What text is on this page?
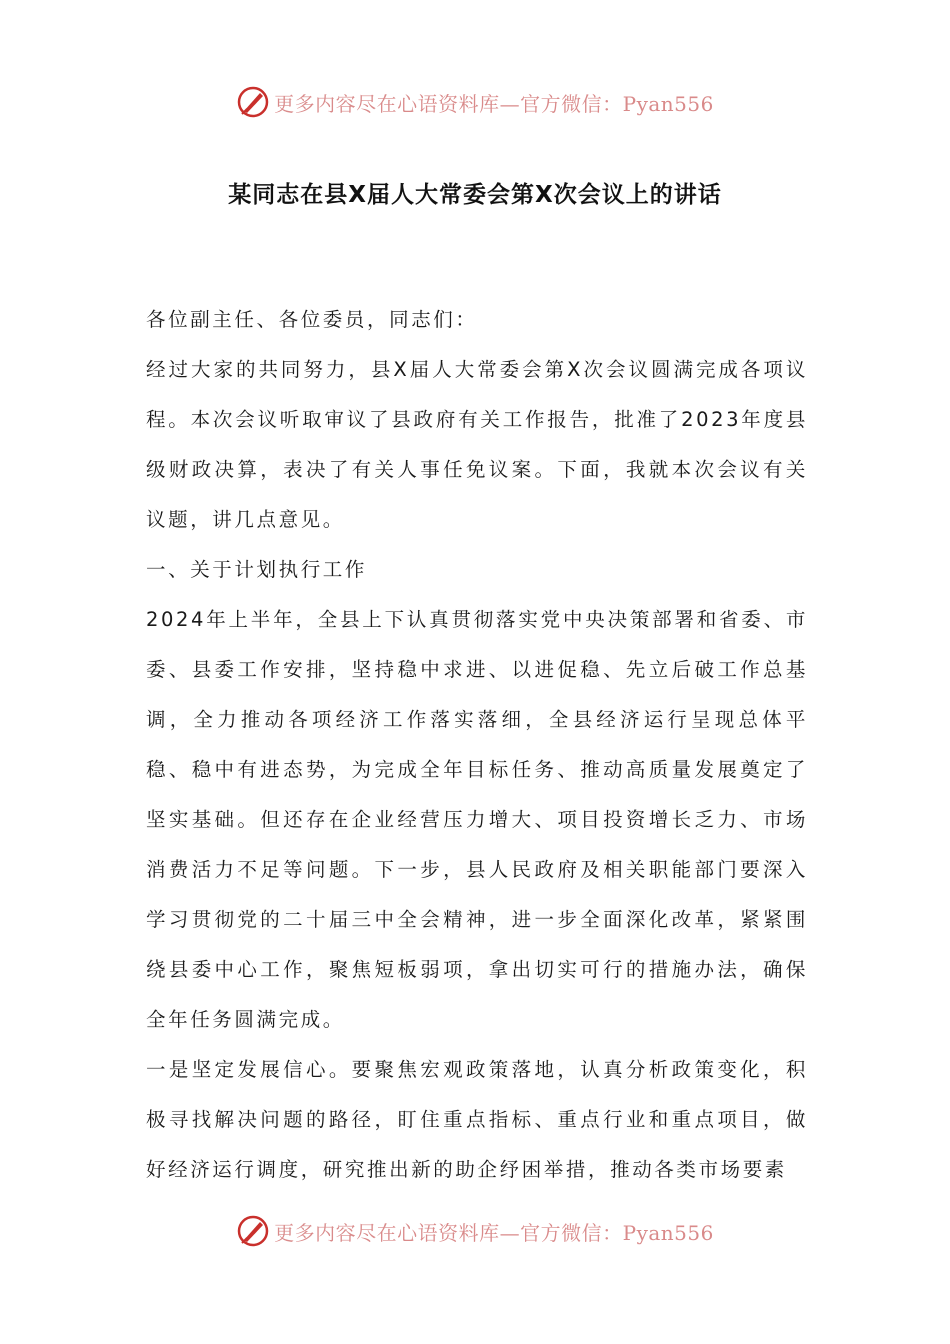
更多内容尽在心语资料库—官方微信：Pyan556
某同志在县X届人大常委会第X次会议上的讲话

各位副主任、各位委员，同志们：

经过大家的共同努力，县X届人大常委会第X次会议圆满完成各项议程。本次会议听取审议了县政府有关工作报告，批准了2023年度县级财政决算，表决了有关人事任免议案。下面，我就本次会议有关议题，讲几点意见。

一、关于计划执行工作

2024年上半年，全县上下认真贯彻落实党中央决策部署和省委、市委、县委工作安排，坚持稳中求进、以进促稳、先立后破工作总基调，全力推动各项经济工作落实落细，全县经济运行呈现总体平稳、稳中有进态势，为完成全年目标任务、推动高质量发展奠定了坚实基础。但还存在企业经营压力增大、项目投资增长乏力、市场消费活力不足等问题。下一步，县人民政府及相关职能部门要深入学习贯彻党的二十届三中全会精神，进一步全面深化改革，紧紧围绕县委中心工作，聚焦短板弱项，拿出切实可行的措施办法，确保全年任务圆满完成。

一是坚定发展信心。要聚焦宏观政策落地，认真分析政策变化，积极寻找解决问题的路径，盯住重点指标、重点行业和重点项目，做好经济运行调度，研究推出新的助企纾困举措，推动各类市场要素

更多内容尽在心语资料库—官方微信：Pyan556
